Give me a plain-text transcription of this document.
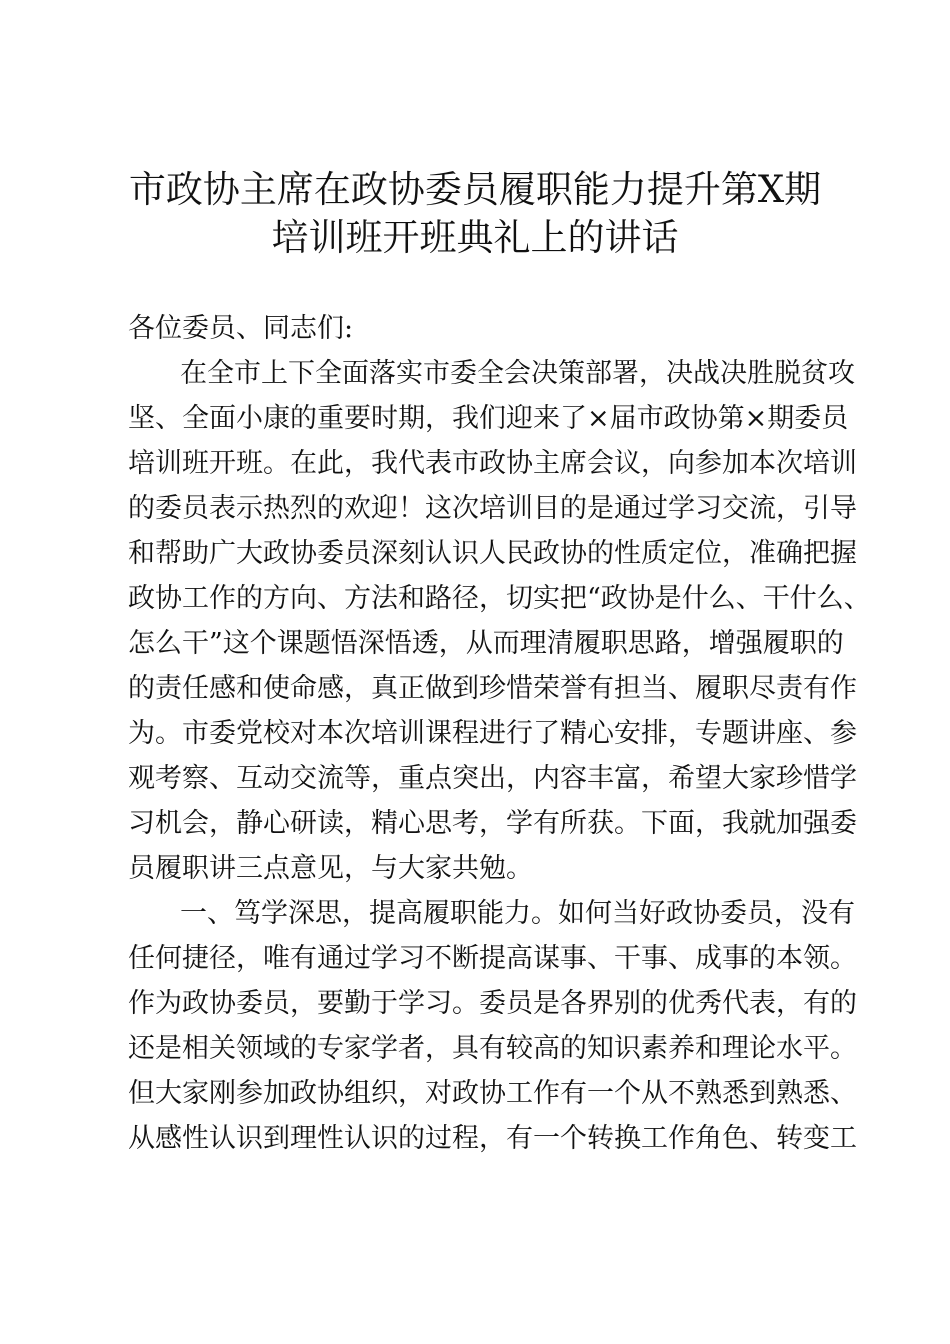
市政协主席在政协委员履职能力提升第X期
培训班开班典礼上的讲话
各位委员、同志们:
在全市上下全面落实市委全会决策部署，决战决胜脱贫攻
坚、全面小康的重要时期，我们迎来了×届市政协第×期委员
培训班开班。在此，我代表市政协主席会议，向参加本次培训
的委员表示热烈的欢迎！这次培训目的是通过学习交流，引导
和帮助广大政协委员深刻认识人民政协的性质定位，准确把握
政协工作的方向、方法和路径，切实把“政协是什么、干什么、
怎么干”这个课题悟深悟透，从而理清履职思路，增强履职的
的责任感和使命感，真正做到珍惜荣誉有担当、履职尽责有作
为。市委党校对本次培训课程进行了精心安排，专题讲座、参
观考察、互动交流等，重点突出，内容丰富，希望大家珍惜学
习机会，静心研读，精心思考，学有所获。下面，我就加强委
员履职讲三点意见，与大家共勉。
一、笃学深思，提高履职能力。如何当好政协委员，没有
任何捷径，唯有通过学习不断提高谋事、干事、成事的本领。
作为政协委员，要勤于学习。委员是各界别的优秀代表，有的
还是相关领域的专家学者，具有较高的知识素养和理论水平。
但大家刚参加政协组织，对政协工作有一个从不熟悉到熟悉、
从感性认识到理性认识的过程，有一个转换工作角色、转变工
